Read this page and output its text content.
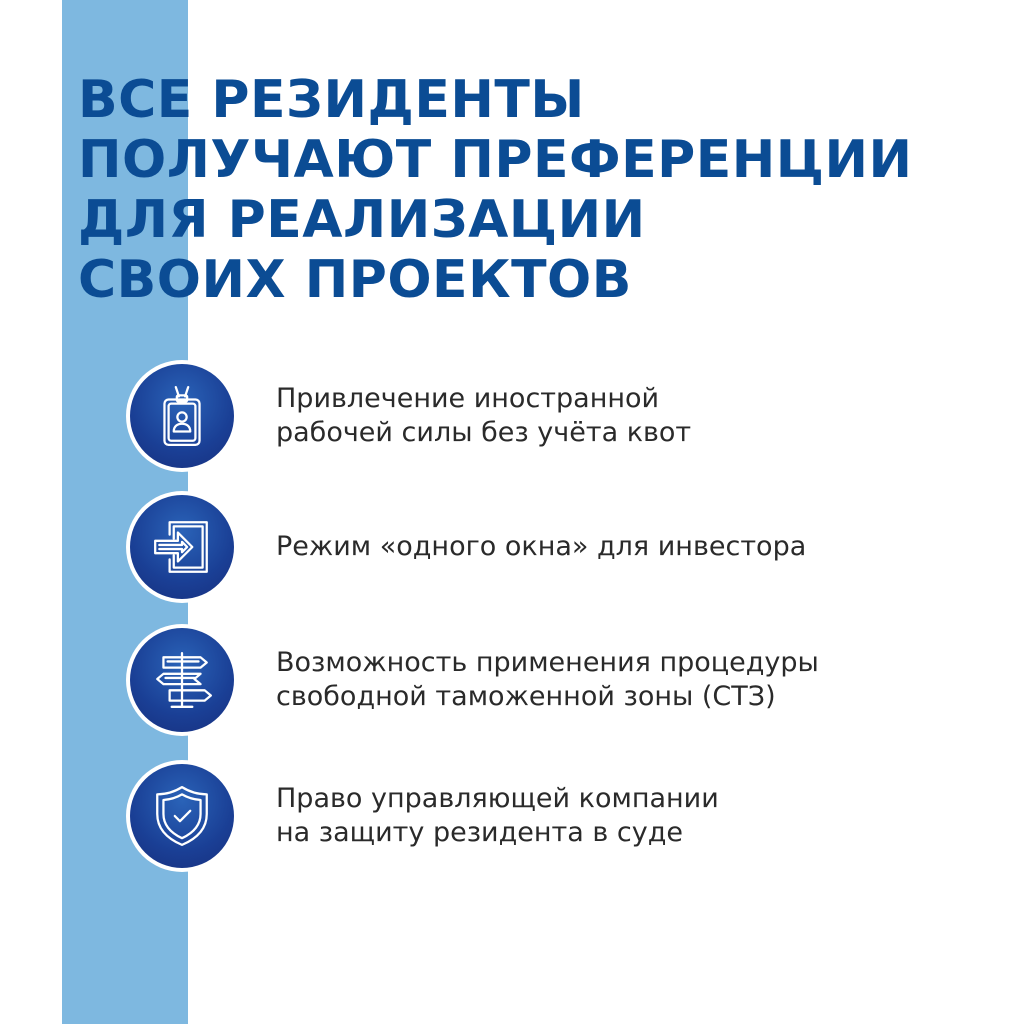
ВСЕ РЕЗИДЕНТЫ
ПОЛУЧАЮТ ПРЕФЕРЕНЦИИ
ДЛЯ РЕАЛИЗАЦИИ
СВОИХ ПРОЕКТОВ
Привлечение иностранной
рабочей силы без учёта квот
Режим «одного окна» для инвестора
Возможность применения процедуры
свободной таможенной зоны (СТЗ)
Право управляющей компании
на защиту резидента в суде
